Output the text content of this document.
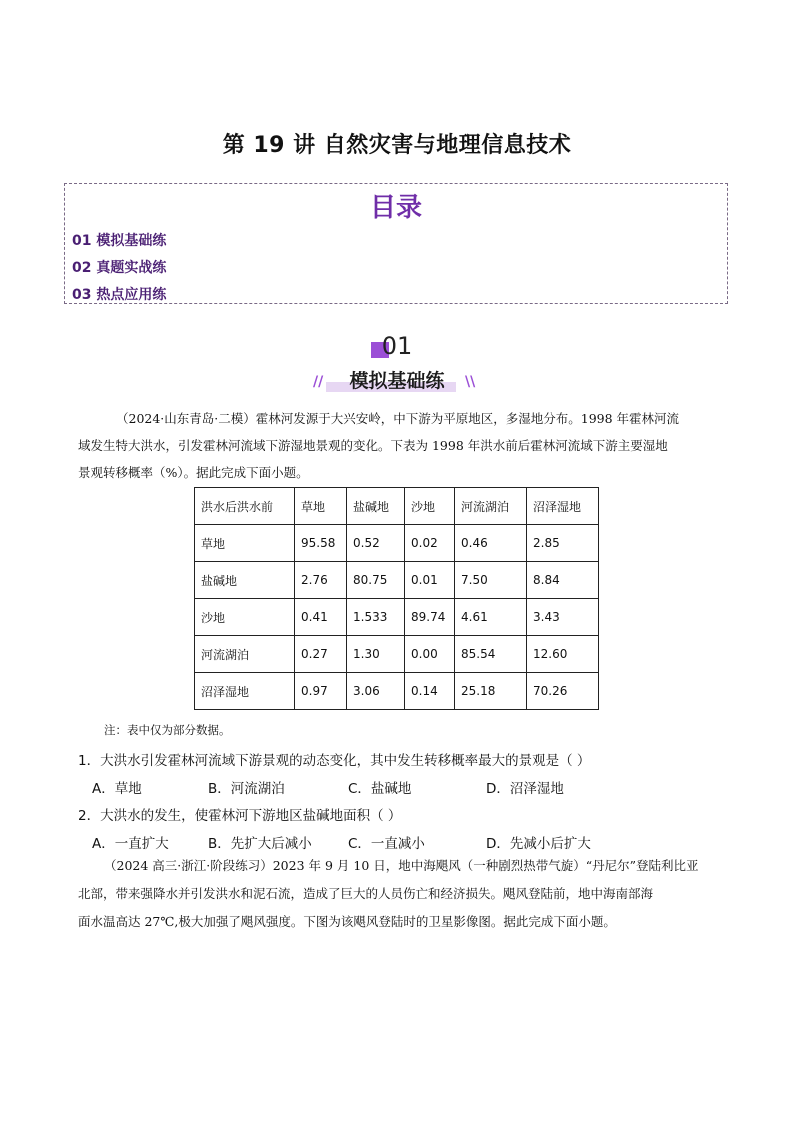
第 19 讲 自然灾害与地理信息技术
目录
01 模拟基础练
02 真题实战练
03 热点应用练
01
//	模拟基础练	\\
（2024·山东青岛·二模）霍林河发源于大兴安岭，中下游为平原地区，多湿地分布。1998 年霍林河流
域发生特大洪水，引发霍林河流域下游湿地景观的变化。下表为 1998 年洪水前后霍林河流域下游主要湿地
景观转移概率（%）。据此完成下面小题。
洪水后洪水前	草地	盐碱地	沙地	河流湖泊	沼泽湿地
草地	95.58	0.52	0.02	0.46	2.85
盐碱地	2.76	80.75	0.01	7.50	8.84
沙地	0.41	1.533	89.74	4.61	3.43
河流湖泊	0.27	1.30	0.00	85.54	12.60
沼泽湿地	0.97	3.06	0.14	25.18	70.26
注：表中仅为部分数据。
1．大洪水引发霍林河流域下游景观的动态变化，其中发生转移概率最大的景观是（ ）
A．草地	B．河流湖泊	C．盐碱地	D．沼泽湿地
2．大洪水的发生，使霍林河下游地区盐碱地面积（ ）
A．一直扩大	B．先扩大后减小	C．一直减小	D．先减小后扩大
（2024 高三·浙江·阶段练习）2023 年 9 月 10 日，地中海飓风（一种剧烈热带气旋）“丹尼尔”登陆利比亚
北部，带来强降水并引发洪水和泥石流，造成了巨大的人员伤亡和经济损失。飓风登陆前，地中海南部海
面水温高达 27℃,极大加强了飓风强度。下图为该飓风登陆时的卫星影像图。据此完成下面小题。
